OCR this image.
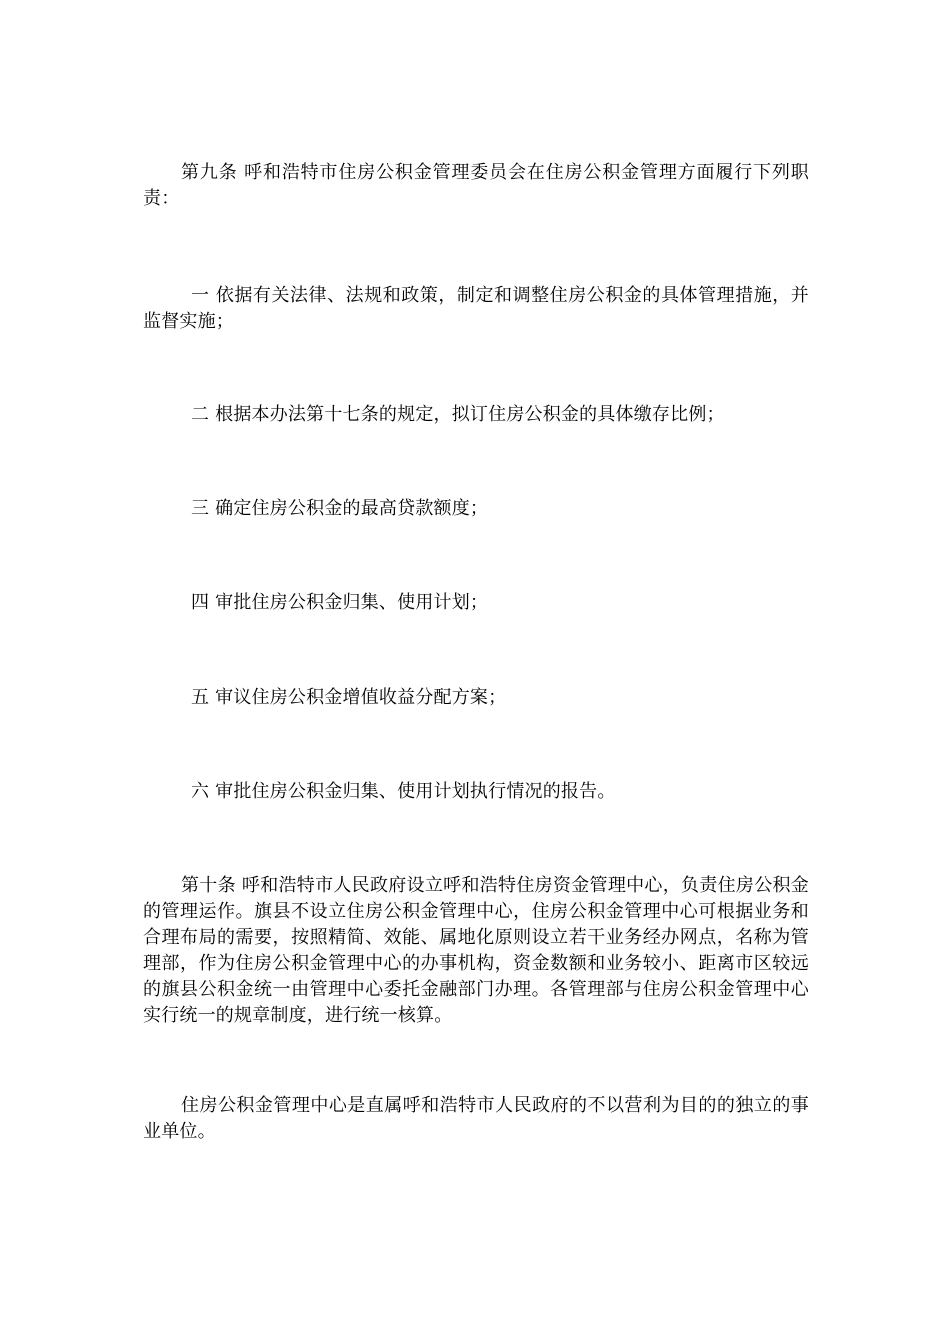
第九条 呼和浩特市住房公积金管理委员会在住房公积金管理方面履行下列职责：

一 依据有关法律、法规和政策，制定和调整住房公积金的具体管理措施，并监督实施；

二 根据本办法第十七条的规定，拟订住房公积金的具体缴存比例；

三 确定住房公积金的最高贷款额度；

四 审批住房公积金归集、使用计划；

五 审议住房公积金增值收益分配方案；

六 审批住房公积金归集、使用计划执行情况的报告。

第十条 呼和浩特市人民政府设立呼和浩特住房资金管理中心，负责住房公积金的管理运作。旗县不设立住房公积金管理中心，住房公积金管理中心可根据业务和合理布局的需要，按照精简、效能、属地化原则设立若干业务经办网点，名称为管理部，作为住房公积金管理中心的办事机构，资金数额和业务较小、距离市区较远的旗县公积金统一由管理中心委托金融部门办理。各管理部与住房公积金管理中心实行统一的规章制度，进行统一核算。

住房公积金管理中心是直属呼和浩特市人民政府的不以营利为目的的独立的事业单位。
